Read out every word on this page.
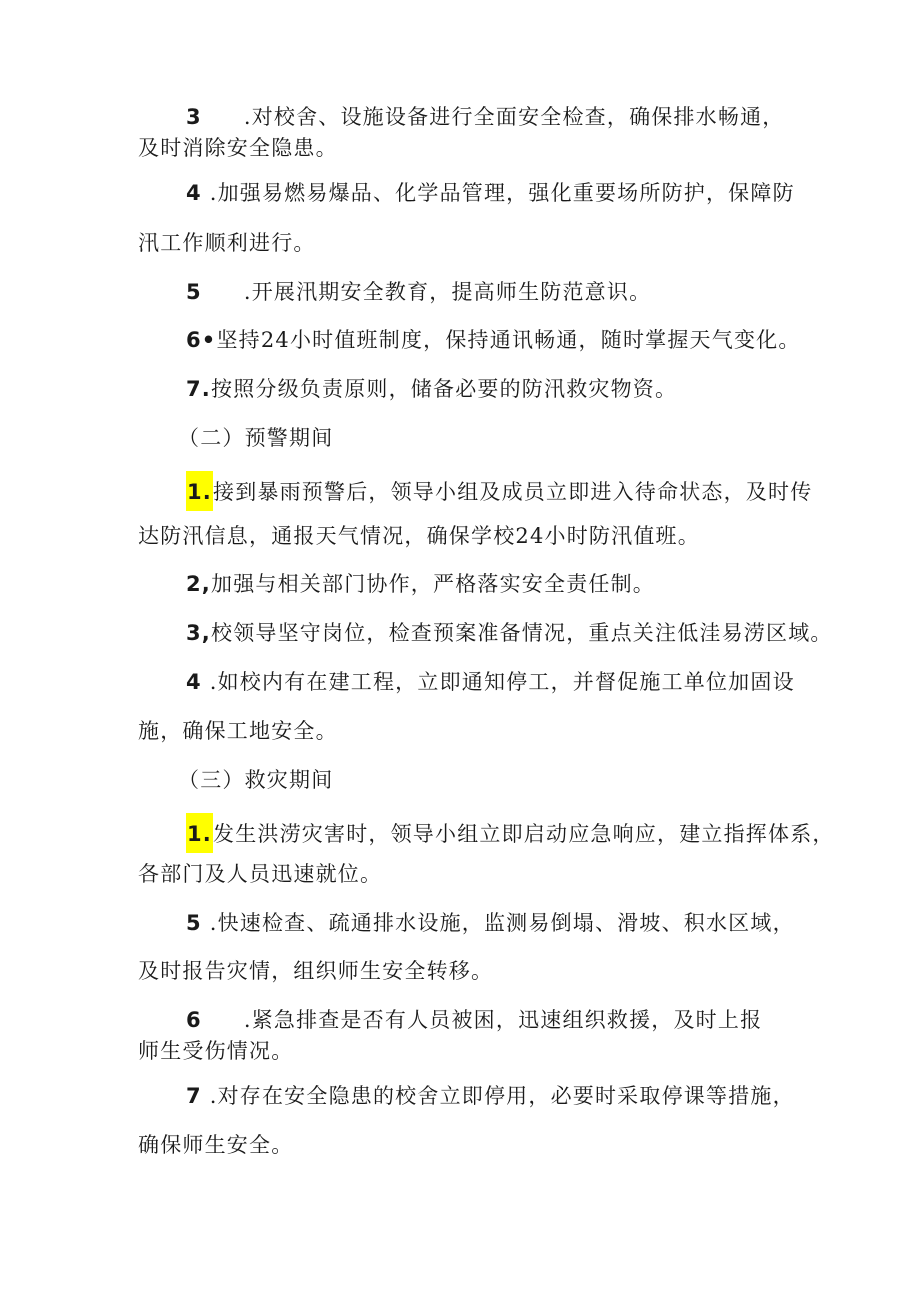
3 .对校舍、设施设备进行全面安全检查，确保排水畅通，
及时消除安全隐患。
4 .加强易燃易爆品、化学品管理，强化重要场所防护，保障防
汛工作顺利进行。
5 .开展汛期安全教育，提高师生防范意识。
6•坚持24小时值班制度，保持通讯畅通，随时掌握天气变化。
7.按照分级负责原则，储备必要的防汛救灾物资。
（二）预警期间
1.接到暴雨预警后，领导小组及成员立即进入待命状态，及时传
达防汛信息，通报天气情况，确保学校24小时防汛值班。
2,加强与相关部门协作，严格落实安全责任制。
3,校领导坚守岗位，检查预案准备情况，重点关注低洼易涝区域。
4 .如校内有在建工程，立即通知停工，并督促施工单位加固设
施，确保工地安全。
（三）救灾期间
1.发生洪涝灾害时，领导小组立即启动应急响应，建立指挥体系，
各部门及人员迅速就位。
5 .快速检查、疏通排水设施，监测易倒塌、滑坡、积水区域，
及时报告灾情，组织师生安全转移。
6 .紧急排查是否有人员被困，迅速组织救援，及时上报
师生受伤情况。
7 .对存在安全隐患的校舍立即停用，必要时采取停课等措施，
确保师生安全。
